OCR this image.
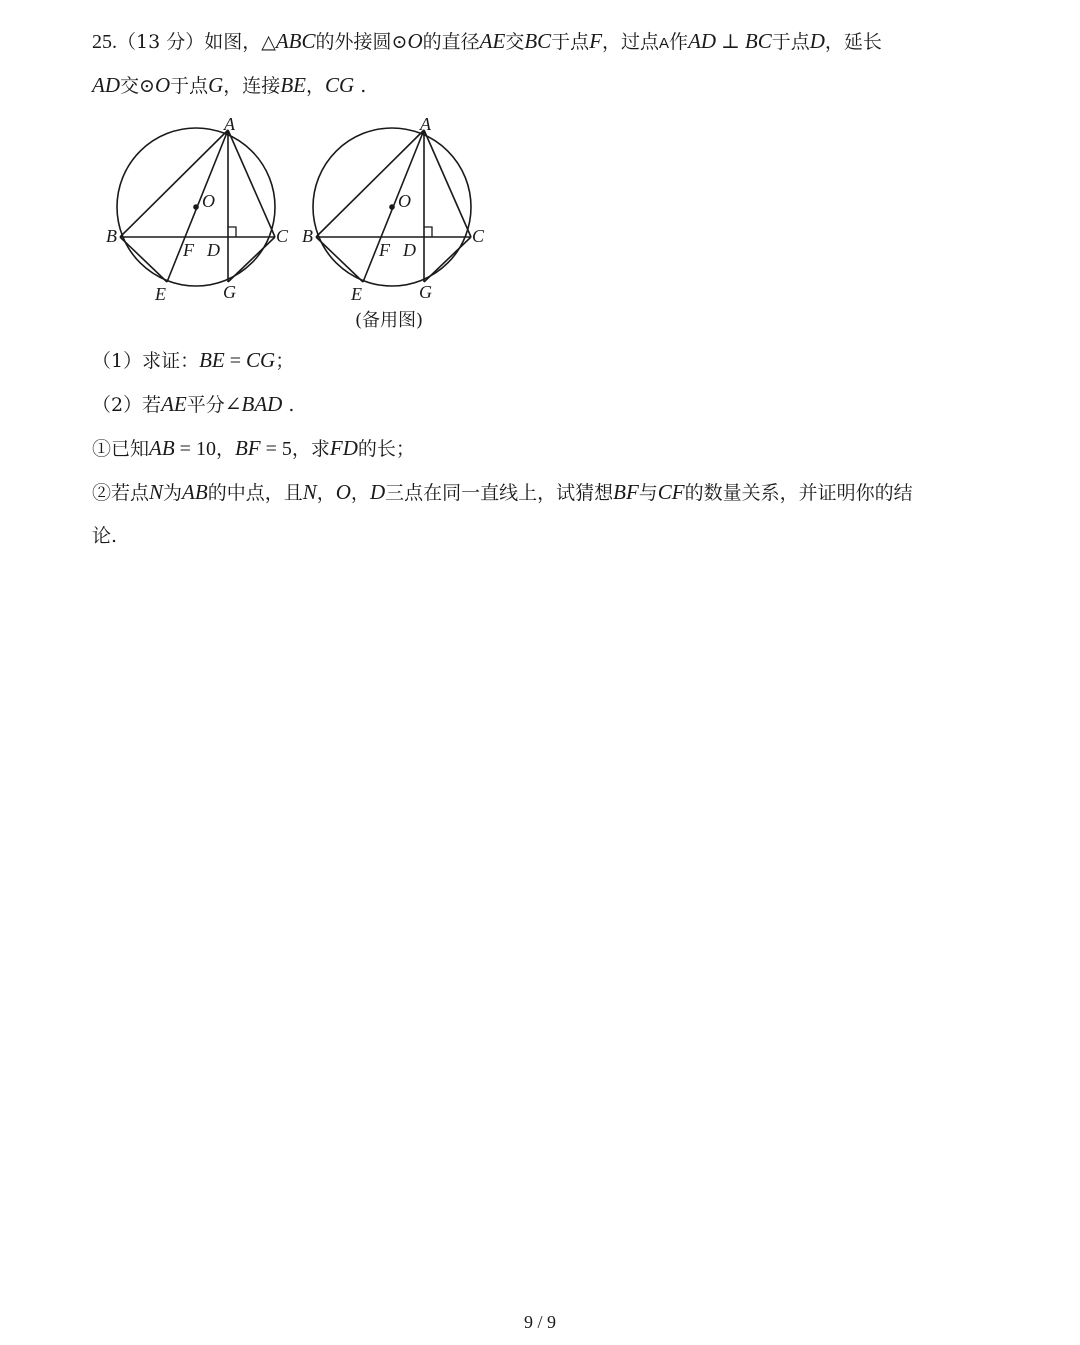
25.（13 分）如图，△ABC的外接圆⊙O的直径AE交BC于点F，过点A作AD ⊥ BC于点D，延长
AD交⊙O于点G，连接BE，CG .
A
O
B	C
F D
E	G
A
O
B	C
F D
E	G
(备用图)
（1）求证：BE = CG；
（2）若AE平分∠BAD .
①已知AB = 10，BF = 5，求FD的长；
②若点N为AB的中点，且N，O，D三点在同一直线上，试猜想BF与CF的数量关系，并证明你的结
论.
9 / 9
